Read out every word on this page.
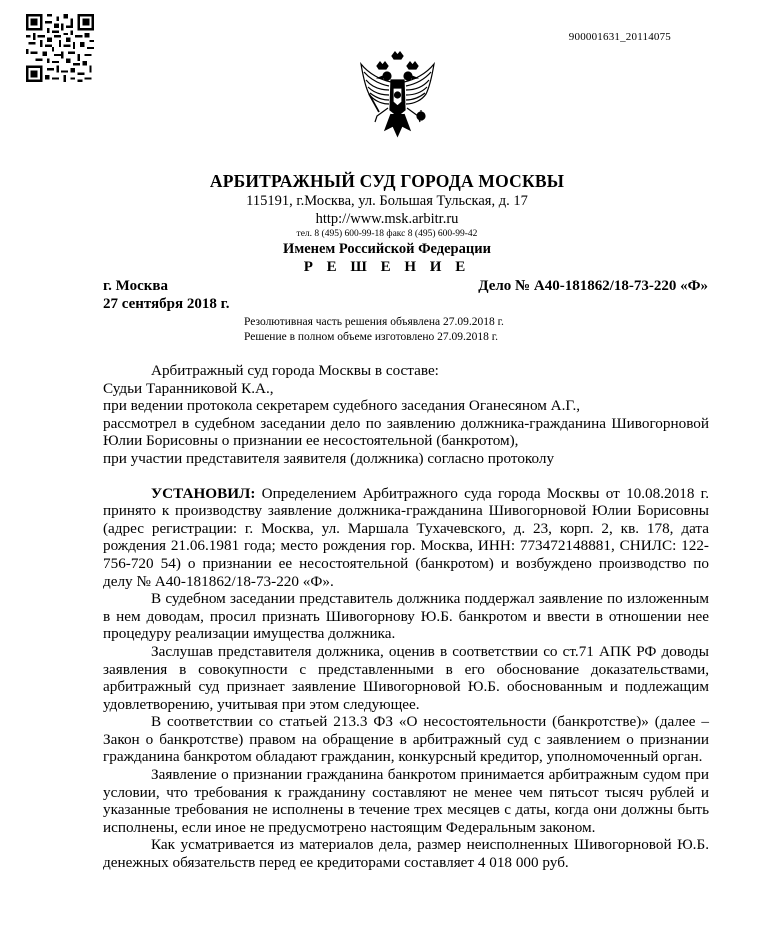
900001631_20114075
АРБИТРАЖНЫЙ СУД ГОРОДА МОСКВЫ
115191, г.Москва, ул. Большая Тульская, д. 17
http://www.msk.arbitr.ru
тел. 8 (495) 600-99-18 факс 8 (495) 600-99-42
Именем Российской Федерации
Р Е Ш Е Н И Е
г. Москва
27 сентября 2018 г.
Дело № А40-181862/18-73-220 «Ф»
Резолютивная часть решения объявлена 27.09.2018 г.
Решение в полном объеме изготовлено 27.09.2018 г.

Арбитражный суд города Москвы в составе:

Судьи Таранниковой К.А.,

при ведении протокола секретарем судебного заседания Оганесяном А.Г.,

рассмотрел в судебном заседании дело по заявлению должника-гражданина Шивогорновой Юлии Борисовны о признании ее несостоятельной (банкротом),

при участии представителя заявителя (должника) согласно протоколу

УСТАНОВИЛ: Определением Арбитражного суда города Москвы от 10.08.2018 г. принято к производству заявление должника-гражданина Шивогорновой Юлии Борисовны (адрес регистрации: г. Москва, ул. Маршала Тухачевского, д. 23, корп. 2, кв. 178, дата рождения 21.06.1981 года; место рождения гор. Москва, ИНН: 773472148881, СНИЛС: 122-756-720 54) о признании ее несостоятельной (банкротом) и возбуждено производство по делу № А40-181862/18-73-220 «Ф».

В судебном заседании представитель должника поддержал заявление по изложенным в нем доводам, просил признать Шивогорнову Ю.Б. банкротом и ввести в отношении нее процедуру реализации имущества должника.

Заслушав представителя должника, оценив в соответствии со ст.71 АПК РФ доводы заявления в совокупности с представленными в его обоснование доказательствами, арбитражный суд признает заявление Шивогорновой Ю.Б. обоснованным и подлежащим удовлетворению, учитывая при этом следующее.

В соответствии со статьей 213.3 ФЗ «О несостоятельности (банкротстве)» (далее – Закон о банкротстве) правом на обращение в арбитражный суд с заявлением о признании гражданина банкротом обладают гражданин, конкурсный кредитор, уполномоченный орган.

Заявление о признании гражданина банкротом принимается арбитражным судом при условии, что требования к гражданину составляют не менее чем пятьсот тысяч рублей и указанные требования не исполнены в течение трех месяцев с даты, когда они должны быть исполнены, если иное не предусмотрено настоящим Федеральным законом.

Как усматривается из материалов дела, размер неисполненных Шивогорновой Ю.Б. денежных обязательств перед ее кредиторами составляет 4 018 000 руб.
